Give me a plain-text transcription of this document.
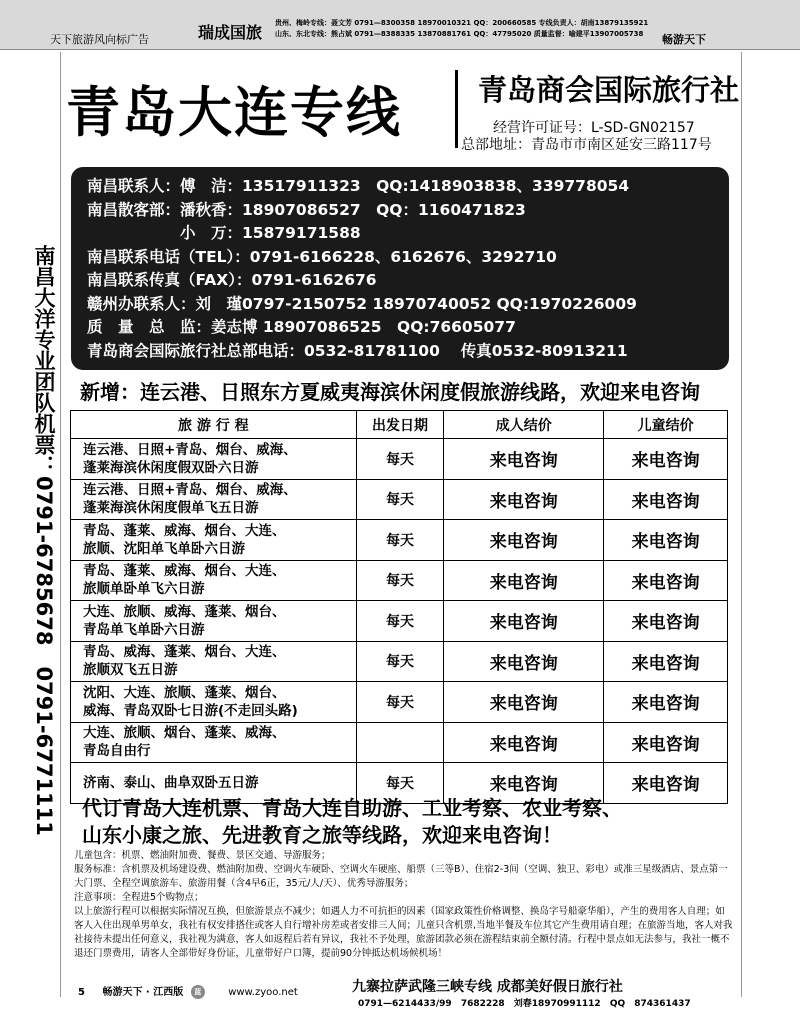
天下旅游风向标广告	瑞成国旅 贵州、梅岭专线：聂文芳 0791—8300358 18970010321 QQ：200660585 专线负责人：胡南13879135921
山东、东北专线：熊占斌 0791—8388335 13870881761 QQ：47795020 质量监督：喻建平13907005738	畅游天下
青岛大连专线	青岛商会国际旅行社
经营许可证号：L-SD-GN02157
总部地址：青岛市市南区延安三路117号
南昌联系人：傅　洁：13517911323　QQ:1418903838、339778054
南昌散客部：潘秋香：18907086527　QQ：1160471823
　　　　　　小　万：15879171588
南昌联系电话（TEL）：0791-6166228、6162676、3292710
南昌联系传真（FAX）：0791-6162676
赣州办联系人：刘　瑾0797-2150752 18970740052 QQ:1970226009
质　量　总　监：姜志博 18907086525　QQ:76605077
青岛商会国际旅行社总部电话：0532-81781100　 传真0532-80913211
新增：连云港、日照东方夏威夷海滨休闲度假旅游线路，欢迎来电咨询
旅 游 行 程	出发日期	成人结价	儿童结价

连云港、日照+青岛、烟台、威海、
蓬莱海滨休闲度假双卧六日游	每天	来电咨询	来电咨询

连云港、日照+青岛、烟台、威海、
蓬莱海滨休闲度假单飞五日游	每天	来电咨询	来电咨询

青岛、蓬莱、威海、烟台、大连、
旅顺、沈阳单飞单卧六日游	每天	来电咨询	来电咨询

青岛、蓬莱、威海、烟台、大连、
旅顺单卧单飞六日游	每天	来电咨询	来电咨询

大连、旅顺、威海、蓬莱、烟台、
青岛单飞单卧六日游	每天	来电咨询	来电咨询

青岛、威海、蓬莱、烟台、大连、
旅顺双飞五日游	每天	来电咨询	来电咨询

沈阳、大连、旅顺、蓬莱、烟台、
威海、青岛双卧七日游(不走回头路)	每天	来电咨询	来电咨询

大连、旅顺、烟台、蓬莱、威海、
青岛自由行		来电咨询	来电咨询

济南、泰山、曲阜双卧五日游	每天	来电咨询	来电咨询
代订青岛大连机票、青岛大连自助游、工业考察、农业考察、
山东小康之旅、先进教育之旅等线路，欢迎来电咨询！
儿童包含：机票、燃油附加费、餐费、景区交通、导游服务；
服务标准：含机票及机场建设费、燃油附加费、空调火车硬卧、空调火车硬座、船票（三等B）、住宿2-3间（空调、独卫、彩电）或准三星级酒店、景点第一大门票、全程空调旅游车、旅游用餐（含4早6正，35元/人/天）、优秀导游服务；
注意事项：全程进5个购物点；
以上旅游行程可以根据实际情况互换，但旅游景点不减少；如遇人力不可抗拒的因素（国家政策性价格调整、换岛字号船豪华船），产生的费用客人自理；如客人入住出现单男单女，我社有权安排搭住或客人自行增补房差或者安排三人间；儿童只含机票,当地半餐及车位其它产生费用请自理；在旅游当地，客人对我社接待未提出任何意义，我社视为满意，客人如返程后若有异议，我社不予处理，旅游团款必须在游程结束前全额付清。行程中景点如无法参与，我社一概不退还门票费用，请客人全部带好身份证，儿童带好户口簿，提前90分钟抵达机场候机场！
南昌大洋专业团队机票：0791-6785678　0791-6771111
5 畅游天下 · 江西版 蓝	www.zyoo.net	九寨拉萨武隆三峡专线 成都美好假日旅行社
0791—6214433/99 7682228 刘春18970991112 QQ 874361437
